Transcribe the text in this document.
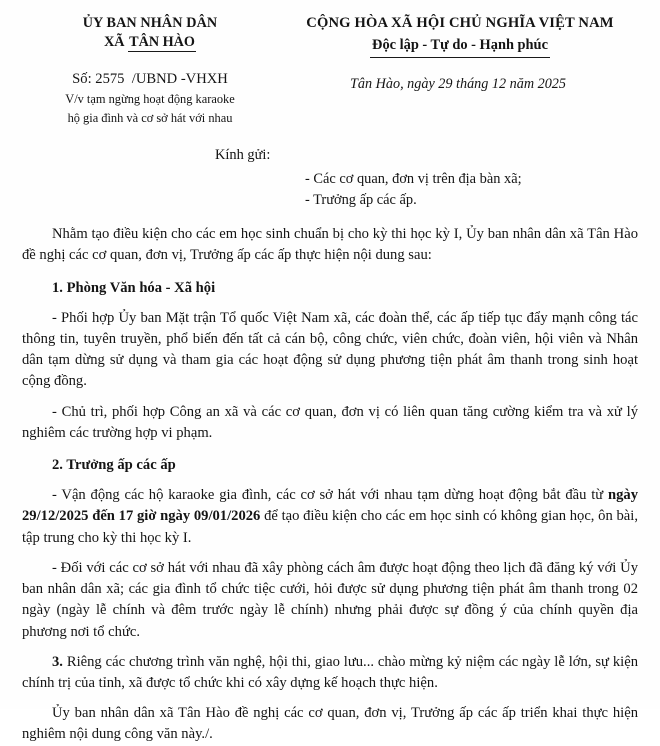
ỦY BAN NHÂN DÂN
XÃ TÂN HÀO
CỘNG HÒA XÃ HỘI CHỦ NGHĨA VIỆT NAM
Độc lập - Tự do - Hạnh phúc
Số: 2575 /UBND -VHXH
V/v tạm ngừng hoạt động karaoke
hộ gia đình và cơ sở hát với nhau
Tân Hào, ngày 29 tháng 12 năm 2025
Kính gửi:
- Các cơ quan, đơn vị trên địa bàn xã;
- Trưởng ấp các ấp.

Nhằm tạo điều kiện cho các em học sinh chuẩn bị cho kỳ thi học kỳ I, Ủy ban nhân dân xã Tân Hào đề nghị các cơ quan, đơn vị, Trưởng ấp các ấp thực hiện nội dung sau:

1. Phòng Văn hóa - Xã hội

- Phối hợp Ủy ban Mặt trận Tổ quốc Việt Nam xã, các đoàn thể, các ấp tiếp tục đẩy mạnh công tác thông tin, tuyên truyền, phổ biến đến tất cả cán bộ, công chức, viên chức, đoàn viên, hội viên và Nhân dân tạm dừng sử dụng và tham gia các hoạt động sử dụng phương tiện phát âm thanh trong sinh hoạt cộng đồng.

- Chủ trì, phối hợp Công an xã và các cơ quan, đơn vị có liên quan tăng cường kiểm tra và xử lý nghiêm các trường hợp vi phạm.

2. Trưởng ấp các ấp

- Vận động các hộ karaoke gia đình, các cơ sở hát với nhau tạm dừng hoạt động bắt đầu từ ngày 29/12/2025 đến 17 giờ ngày 09/01/2026 để tạo điều kiện cho các em học sinh có không gian học, ôn bài, tập trung cho kỳ thi học kỳ I.

- Đối với các cơ sở hát với nhau đã xây phòng cách âm được hoạt động theo lịch đã đăng ký với Ủy ban nhân dân xã; các gia đình tổ chức tiệc cưới, hỏi được sử dụng phương tiện phát âm thanh trong 02 ngày (ngày lễ chính và đêm trước ngày lễ chính) nhưng phải được sự đồng ý của chính quyền địa phương nơi tổ chức.

3. Riêng các chương trình văn nghệ, hội thi, giao lưu... chào mừng kỷ niệm các ngày lễ lớn, sự kiện chính trị của tỉnh, xã được tổ chức khi có xây dựng kế hoạch thực hiện.

Ủy ban nhân dân xã Tân Hào đề nghị các cơ quan, đơn vị, Trưởng ấp các ấp triển khai thực hiện nghiêm nội dung công văn này./.
